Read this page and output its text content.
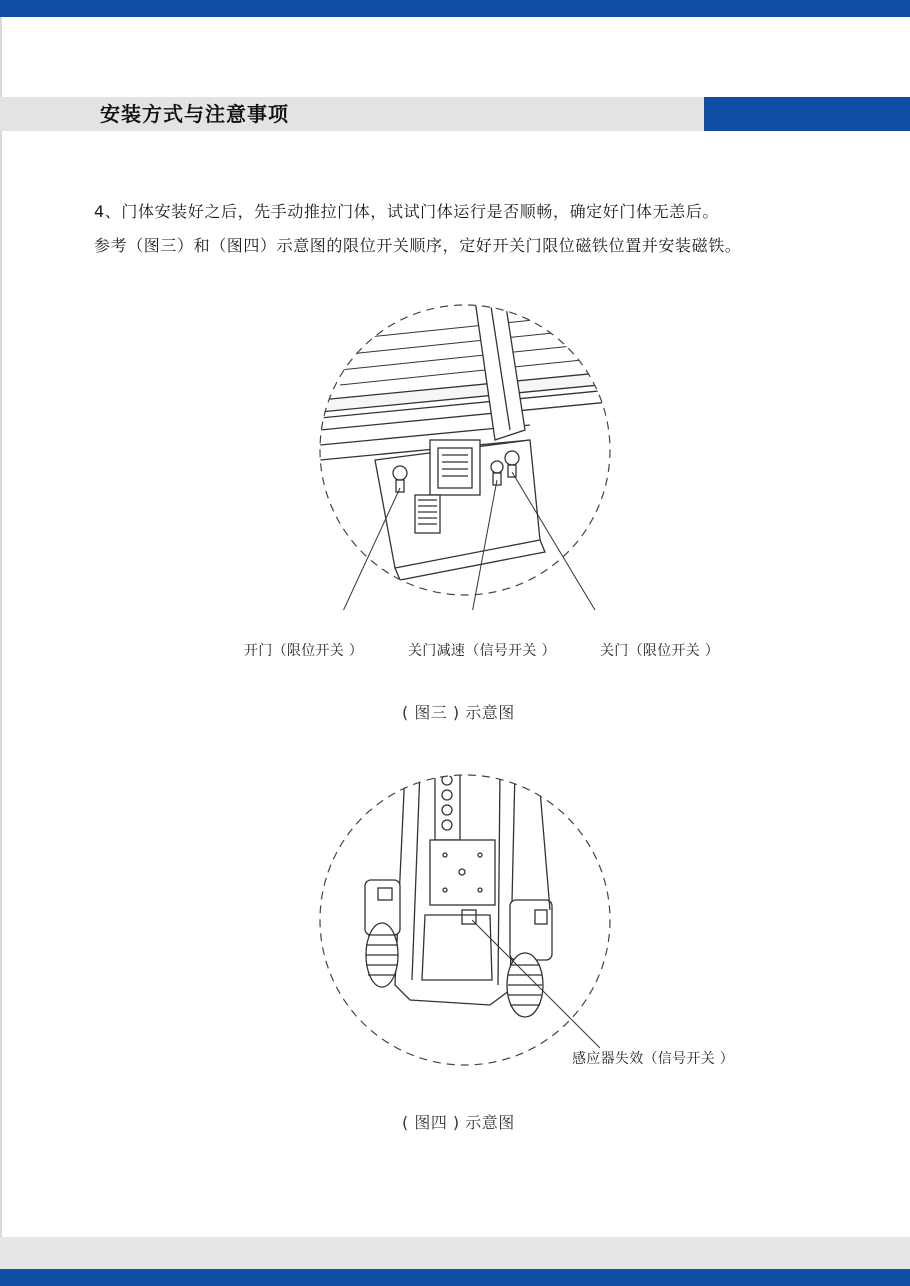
安装方式与注意事项
4、门体安装好之后，先手动推拉门体，试试门体运行是否顺畅，确定好门体无恙后。
参考（图三）和（图四）示意图的限位开关顺序，定好开关门限位磁铁位置并安装磁铁。
开门（限位开关 ）	关门减速（信号开关 ）	关门（限位开关 ）
( 图三 ) 示意图
感应器失效（信号开关 ）
( 图四 ) 示意图
